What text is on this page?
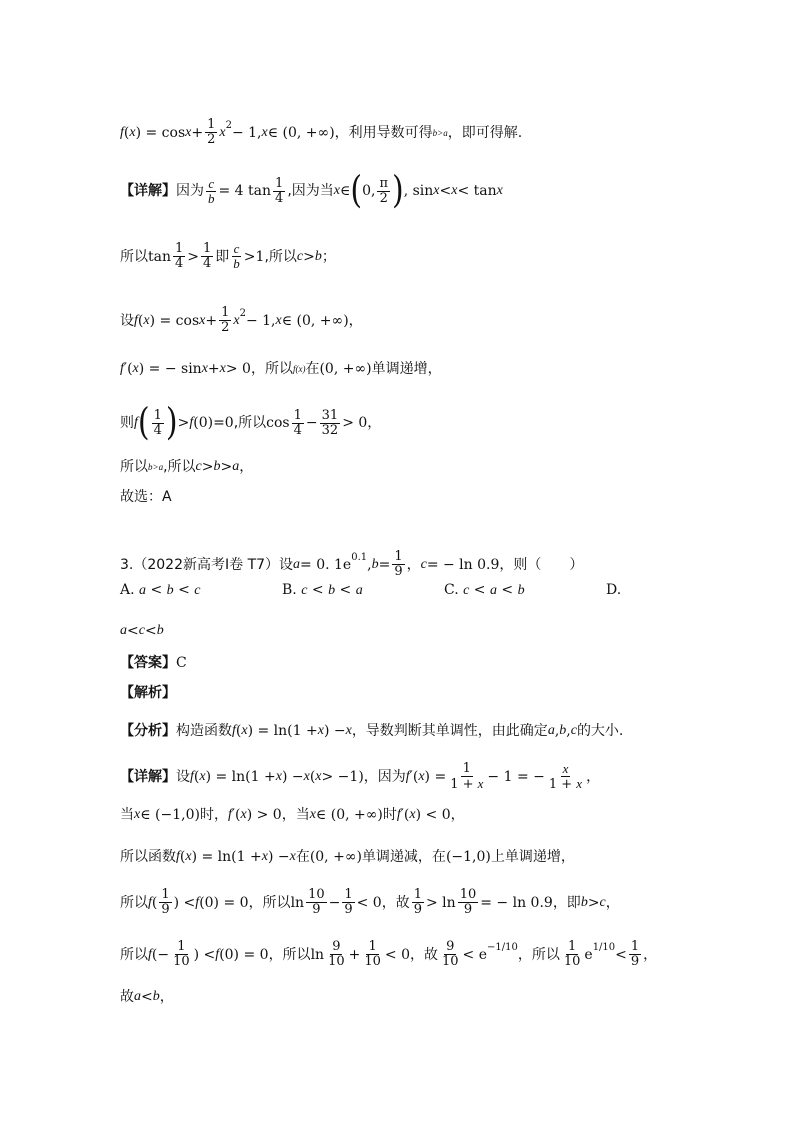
f ( x ) = $\cos x + \frac{1}{2}$ x 2 − 1, x ∈ (0, +∞) ，利用导数可得 b>a ，即可得解.
【详解】 因为 $\frac{c}{b} = 4$ $\tan \frac{1}{4}$ ,因为当 x ∈ ( 0, $\frac{\pi}{2}$ ) , sin x < x < tan x
所以 $\tan \frac{1}{4} > \frac{1}{4}$ 即 $\frac{c}{b} >1$ ,所以 c > b ；
设 f ( x ) = $\cos x + \frac{1}{2}$ x 2 − 1, x ∈ (0, +∞)，
f ′( x ) = − sin x + x > 0 ，所以 f(x) 在 (0, +∞) 单调递增，
则 f ( $\frac{1}{4}$ ) > f (0)=0 ,所以 $\cos \frac{1}{4} - \frac{31}{32} > 0$，
所以 b>a ,所以 c > b > a ，
故选：A
3.（2022新高考Ⅰ卷 T7）设 a = 0. 1e 0.1 , $b = \frac{1}{9}$ ， c = − ln 0.9 ，则（　　）
A. a < b < c	B. c < b < a	C. c < a < b	D.
a < c < b
【答案】 C
【解析】
【分析】 构造函数 f ( x ) = ln(1 + x ) − x ，导数判断其单调性，由此确定 a , b , c 的大小.
【详解】 设 f ( x ) = ln(1 + x ) − x ( x > −1) ，因为 f ′( x ) = $\frac{1}{1 + x} - 1$ = − $\frac{x}{1 + x}$ ，
当 x ∈ (−1,0) 时， f ′( x ) > 0 ，当 x ∈ (0, +∞) 时 f ′( x ) < 0，
所以函数 f ( x ) = ln(1 + x ) − x 在 (0, +∞) 单调递减，在 (−1,0) 上单调递增，
所以 f ( $\frac{1}{9}$ ) < f (0) = 0 ，所以 $\ln \frac{10}{9} - \frac{1}{9} < 0$ ，故 $\frac{1}{9} > \ln \frac{10}{9}$ = − ln 0.9 ，即 b > c ，
所以 f (− $\frac{1}{10}$ ) < f (0) = 0 ，所以 $\ln \frac{9}{10} + \frac{1}{10} < 0$ ，故 $\frac{9}{10} < e -1/10$ ，所以 $\frac{1}{10}$ e $1/10 < \frac{1}{9}$ ，
故 a < b ，
